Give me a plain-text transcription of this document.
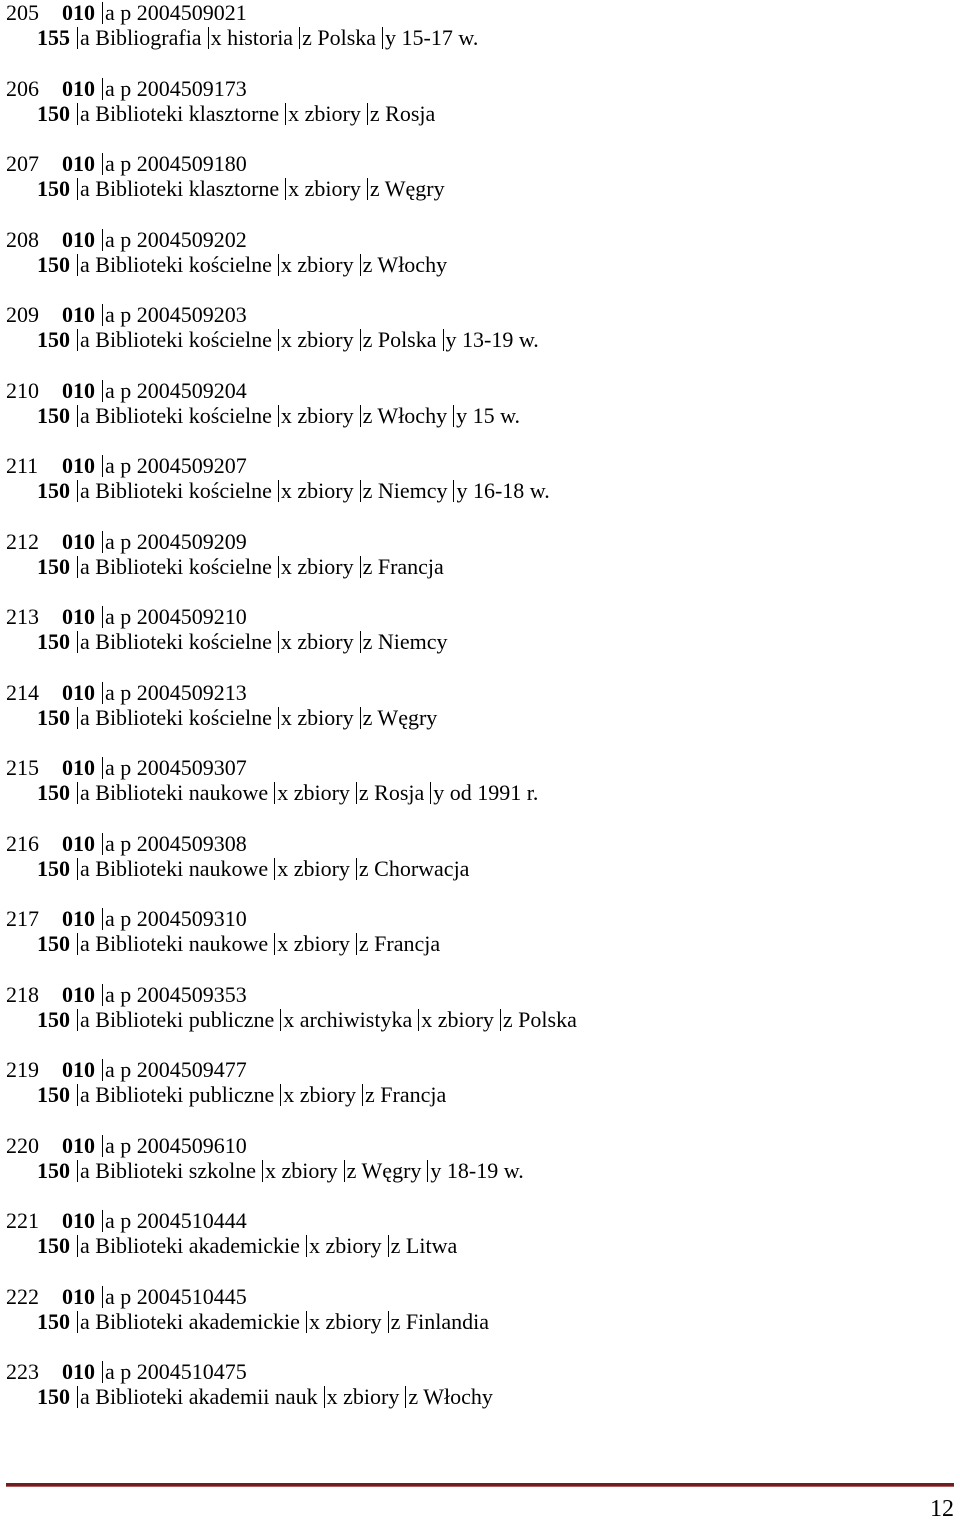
205 010 a p 2004509021
155 a Bibliografia x historia z Polska y 15-17 w.
206 010 a p 2004509173
150 a Biblioteki klasztorne x zbiory z Rosja
207 010 a p 2004509180
150 a Biblioteki klasztorne x zbiory z Węgry
208 010 a p 2004509202
150 a Biblioteki kościelne x zbiory z Włochy
209 010 a p 2004509203
150 a Biblioteki kościelne x zbiory z Polska y 13-19 w.
210 010 a p 2004509204
150 a Biblioteki kościelne x zbiory z Włochy y 15 w.
211 010 a p 2004509207
150 a Biblioteki kościelne x zbiory z Niemcy y 16-18 w.
212 010 a p 2004509209
150 a Biblioteki kościelne x zbiory z Francja
213 010 a p 2004509210
150 a Biblioteki kościelne x zbiory z Niemcy
214 010 a p 2004509213
150 a Biblioteki kościelne x zbiory z Węgry
215 010 a p 2004509307
150 a Biblioteki naukowe x zbiory z Rosja y od 1991 r.
216 010 a p 2004509308
150 a Biblioteki naukowe x zbiory z Chorwacja
217 010 a p 2004509310
150 a Biblioteki naukowe x zbiory z Francja
218 010 a p 2004509353
150 a Biblioteki publiczne x archiwistyka x zbiory z Polska
219 010 a p 2004509477
150 a Biblioteki publiczne x zbiory z Francja
220 010 a p 2004509610
150 a Biblioteki szkolne x zbiory z Węgry y 18-19 w.
221 010 a p 2004510444
150 a Biblioteki akademickie x zbiory z Litwa
222 010 a p 2004510445
150 a Biblioteki akademickie x zbiory z Finlandia
223 010 a p 2004510475
150 a Biblioteki akademii nauk x zbiory z Włochy
12
